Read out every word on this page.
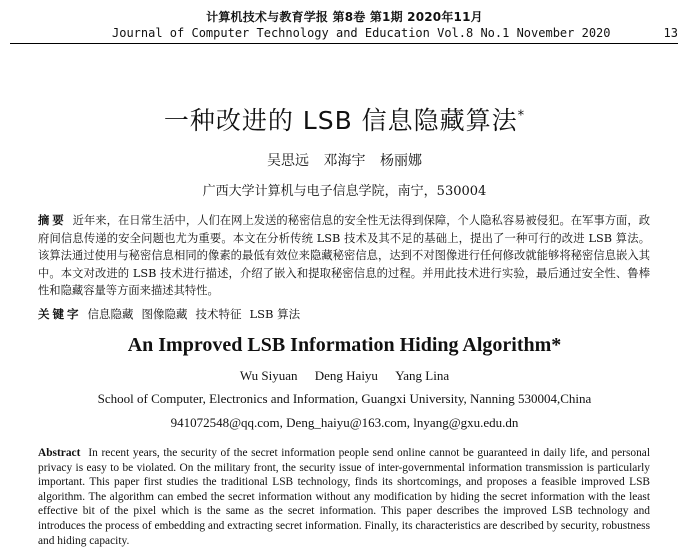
计算机技术与教育学报 第8卷 第1期 2020年11月
Journal of Computer Technology and Education Vol.8 No.1 November 2020	13
一种改进的 LSB 信息隐藏算法*
吴思远 邓海宇 杨丽娜
广西大学计算机与电子信息学院，南宁，530004
摘要 近年来，在日常生活中，人们在网上发送的秘密信息的安全性无法得到保障，个人隐私容易被侵犯。在军事方面，政府间信息传递的安全问题也尤为重要。本文在分析传统 LSB 技术及其不足的基础上，提出了一种可行的改进 LSB 算法。该算法通过使用与秘密信息相同的像素的最低有效位来隐藏秘密信息，达到不对图像进行任何修改就能够将秘密信息嵌入其中。本文对改进的 LSB 技术进行描述，介绍了嵌入和提取秘密信息的过程。并用此技术进行实验，最后通过安全性、鲁棒性和隐藏容量等方面来描述其特性。
关键字 信息隐藏 图像隐藏 技术特征 LSB 算法
An Improved LSB Information Hiding Algorithm*
Wu Siyuan Deng Haiyu Yang Lina
School of Computer, Electronics and Information, Guangxi University, Nanning 530004,China
941072548@qq.com, Deng_haiyu@163.com, lnyang@gxu.edu.dn
Abstract In recent years, the security of the secret information people send online cannot be guaranteed in daily life, and personal privacy is easy to be violated. On the military front, the security issue of inter-governmental information transmission is particularly important. This paper first studies the traditional LSB technology, finds its shortcomings, and proposes a feasible improved LSB algorithm. The algorithm can embed the secret information without any modification by hiding the secret information with the least effective bit of the pixel which is the same as the secret information. This paper describes the improved LSB technology and introduces the process of embedding and extracting secret information. Finally, its characteristics are described by security, robustness and hiding capacity.
